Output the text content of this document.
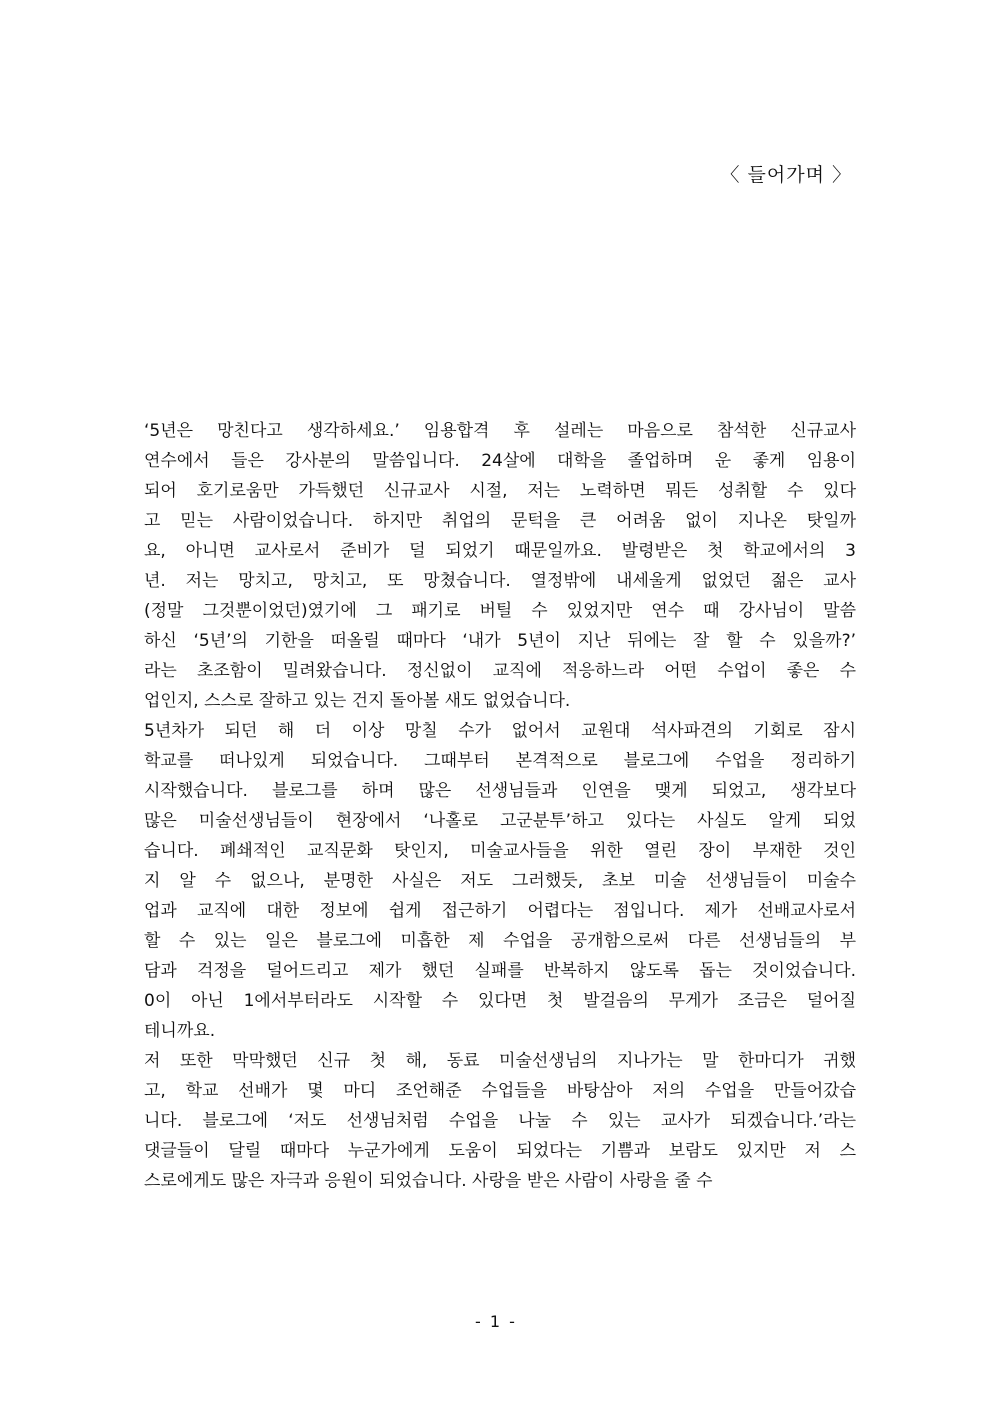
〈 들어가며 〉
‘5년은 망친다고 생각하세요.’ 임용합격 후 설레는 마음으로 참석한 신규교사
연수에서 들은 강사분의 말씀입니다. 24살에 대학을 졸업하며 운 좋게 임용이
되어 호기로움만 가득했던 신규교사 시절, 저는 노력하면 뭐든 성취할 수 있다
고 믿는 사람이었습니다. 하지만 취업의 문턱을 큰 어려움 없이 지나온 탓일까
요, 아니면 교사로서 준비가 덜 되었기 때문일까요. 발령받은 첫 학교에서의 3
년. 저는 망치고, 망치고, 또 망쳤습니다. 열정밖에 내세울게 없었던 젊은 교사
(정말 그것뿐이었던)였기에 그 패기로 버틸 수 있었지만 연수 때 강사님이 말씀
하신 ‘5년’의 기한을 떠올릴 때마다 ‘내가 5년이 지난 뒤에는 잘 할 수 있을까?’
라는 초조함이 밀려왔습니다. 정신없이 교직에 적응하느라 어떤 수업이 좋은 수
업인지, 스스로 잘하고 있는 건지 돌아볼 새도 없었습니다.
5년차가 되던 해 더 이상 망칠 수가 없어서 교원대 석사파견의 기회로 잠시
학교를 떠나있게 되었습니다. 그때부터 본격적으로 블로그에 수업을 정리하기
시작했습니다. 블로그를 하며 많은 선생님들과 인연을 맺게 되었고, 생각보다
많은 미술선생님들이 현장에서 ‘나홀로 고군분투’하고 있다는 사실도 알게 되었
습니다. 폐쇄적인 교직문화 탓인지, 미술교사들을 위한 열린 장이 부재한 것인
지 알 수 없으나, 분명한 사실은 저도 그러했듯, 초보 미술 선생님들이 미술수
업과 교직에 대한 정보에 쉽게 접근하기 어렵다는 점입니다. 제가 선배교사로서
할 수 있는 일은 블로그에 미흡한 제 수업을 공개함으로써 다른 선생님들의 부
담과 걱정을 덜어드리고 제가 했던 실패를 반복하지 않도록 돕는 것이었습니다.
0이 아닌 1에서부터라도 시작할 수 있다면 첫 발걸음의 무게가 조금은 덜어질
테니까요.
저 또한 막막했던 신규 첫 해, 동료 미술선생님의 지나가는 말 한마디가 귀했
고, 학교 선배가 몇 마디 조언해준 수업들을 바탕삼아 저의 수업을 만들어갔습
니다. 블로그에 ‘저도 선생님처럼 수업을 나눌 수 있는 교사가 되겠습니다.’라는
댓글들이 달릴 때마다 누군가에게 도움이 되었다는 기쁨과 보람도 있지만 저 스
스로에게도 많은 자극과 응원이 되었습니다. 사랑을 받은 사람이 사랑을 줄 수
- 1 -
